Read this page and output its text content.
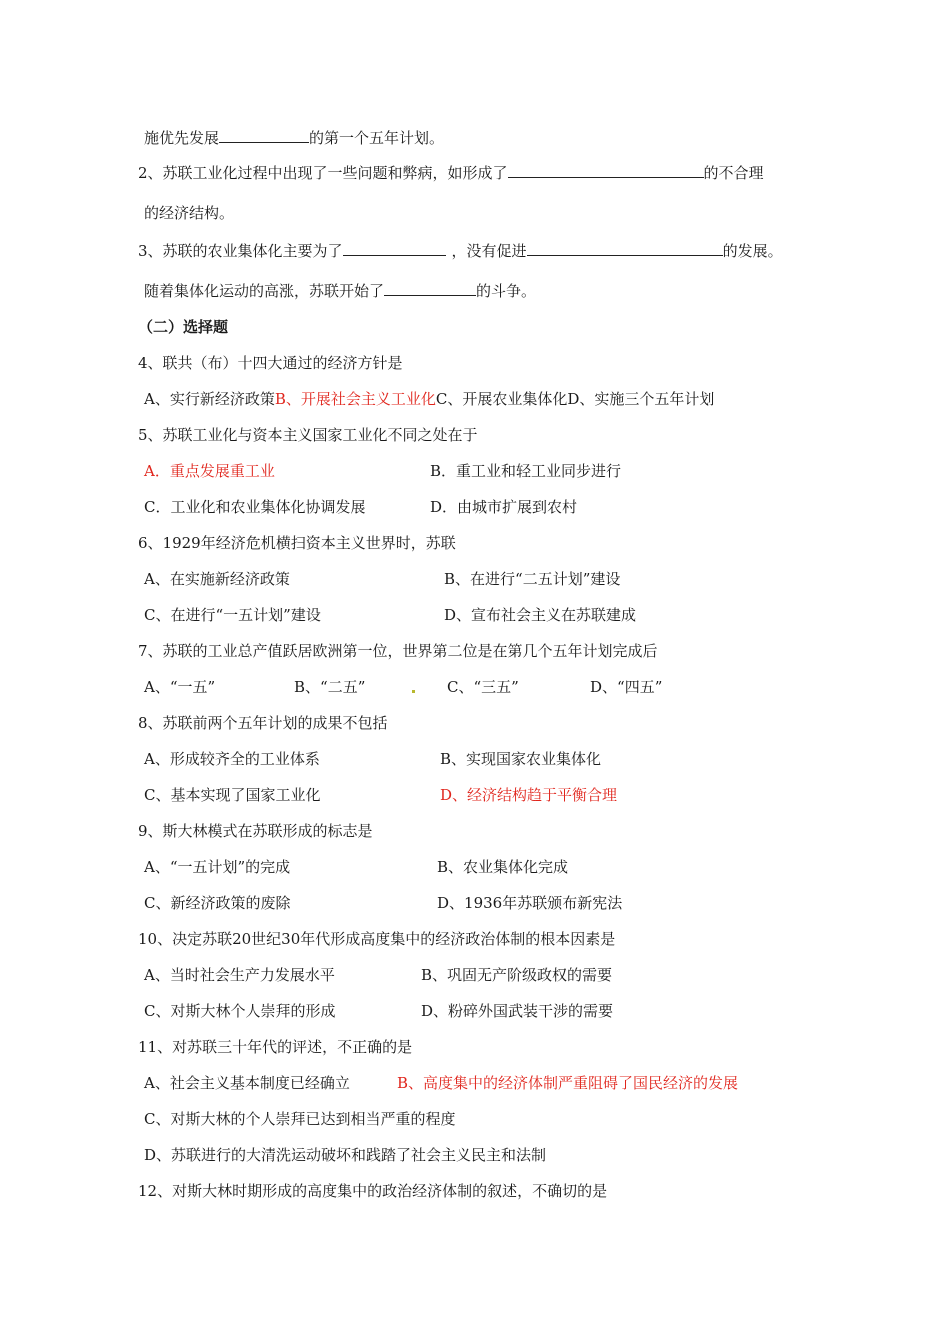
施优先发展	的第一个五年计划。
2、苏联工业化过程中出现了一些问题和弊病，如形成了	的不合理
的经济结构。
3、苏联的农业集体化主要为了	，没有促进	的发展。
随着集体化运动的高涨，苏联开始了	的斗争。
（二）选择题
4、联共（布）十四大通过的经济方针是
A、实行新经济政策B、开展社会主义工业化C、开展农业集体化D、实施三个五年计划
5、苏联工业化与资本主义国家工业化不同之处在于
A．重点发展重工业	B．重工业和轻工业同步进行
C．工业化和农业集体化协调发展	D．由城市扩展到农村
6、1929年经济危机横扫资本主义世界时，苏联
A、在实施新经济政策	B、在进行“二五计划”建设
C、在进行“一五计划”建设	D、宣布社会主义在苏联建成
7、苏联的工业总产值跃居欧洲第一位，世界第二位是在第几个五年计划完成后
A、“一五”	B、“二五”	C、“三五”	D、“四五”
8、苏联前两个五年计划的成果不包括
A、形成较齐全的工业体系	B、实现国家农业集体化
C、基本实现了国家工业化	D、经济结构趋于平衡合理
9、斯大林模式在苏联形成的标志是
A、“一五计划”的完成	B、农业集体化完成
C、新经济政策的废除	D、1936年苏联颁布新宪法
10、决定苏联20世纪30年代形成高度集中的经济政治体制的根本因素是
A、当时社会生产力发展水平	B、巩固无产阶级政权的需要
C、对斯大林个人崇拜的形成	D、粉碎外国武装干涉的需要
11、对苏联三十年代的评述，不正确的是
A、社会主义基本制度已经确立	B、高度集中的经济体制严重阻碍了国民经济的发展
C、对斯大林的个人崇拜已达到相当严重的程度
D、苏联进行的大清洗运动破坏和践踏了社会主义民主和法制
12、对斯大林时期形成的高度集中的政治经济体制的叙述，不确切的是
